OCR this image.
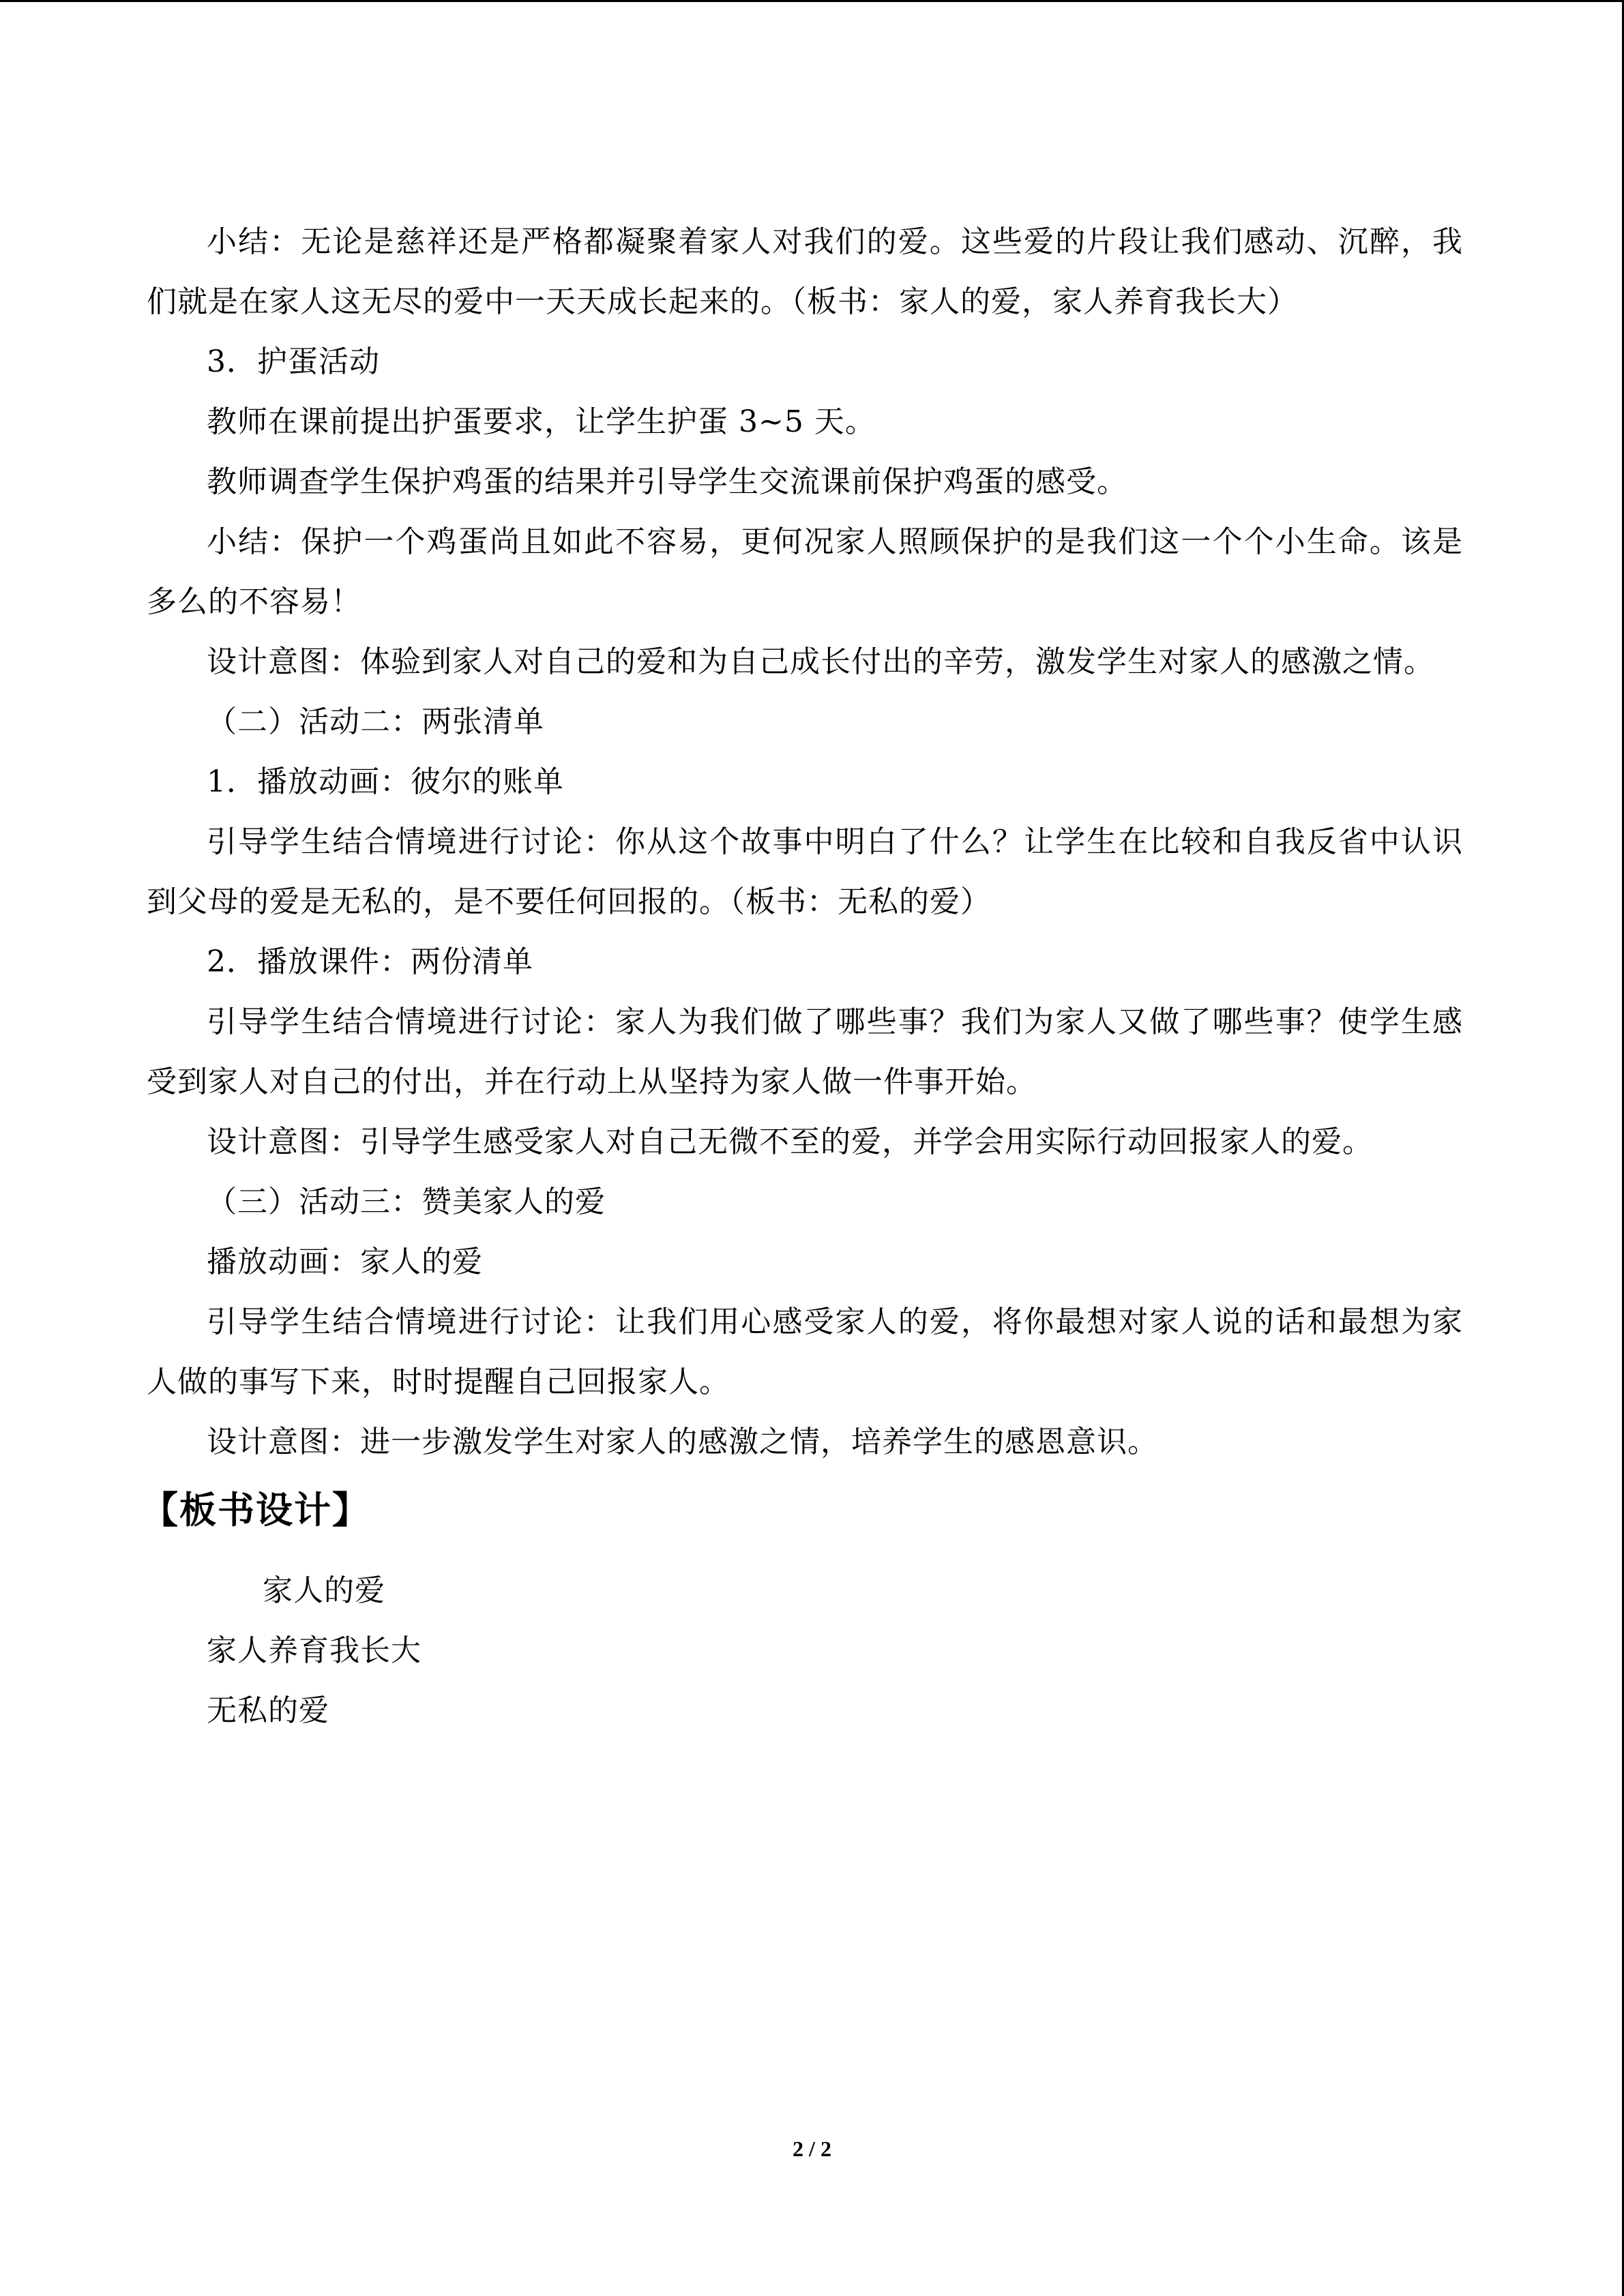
小结：无论是慈祥还是严格都凝聚着家人对我们的爱。这些爱的片段让我们感动、沉醉，我们就是在家人这无尽的爱中一天天成长起来的。（板书：家人的爱，家人养育我长大）

3．护蛋活动

教师在课前提出护蛋要求，让学生护蛋 3~5 天。

教师调查学生保护鸡蛋的结果并引导学生交流课前保护鸡蛋的感受。

小结：保护一个鸡蛋尚且如此不容易，更何况家人照顾保护的是我们这一个个小生命。该是多么的不容易！

设计意图：体验到家人对自己的爱和为自己成长付出的辛劳，激发学生对家人的感激之情。

（二）活动二：两张清单

1．播放动画：彼尔的账单

引导学生结合情境进行讨论：你从这个故事中明白了什么？让学生在比较和自我反省中认识到父母的爱是无私的，是不要任何回报的。（板书：无私的爱）

2．播放课件：两份清单

引导学生结合情境进行讨论：家人为我们做了哪些事？我们为家人又做了哪些事？使学生感受到家人对自己的付出，并在行动上从坚持为家人做一件事开始。

设计意图：引导学生感受家人对自己无微不至的爱，并学会用实际行动回报家人的爱。

（三）活动三：赞美家人的爱

播放动画：家人的爱

引导学生结合情境进行讨论：让我们用心感受家人的爱，将你最想对家人说的话和最想为家人做的事写下来，时时提醒自己回报家人。

设计意图：进一步激发学生对家人的感激之情，培养学生的感恩意识。

【板书设计】

家人的爱

家人养育我长大

无私的爱

2 / 2
